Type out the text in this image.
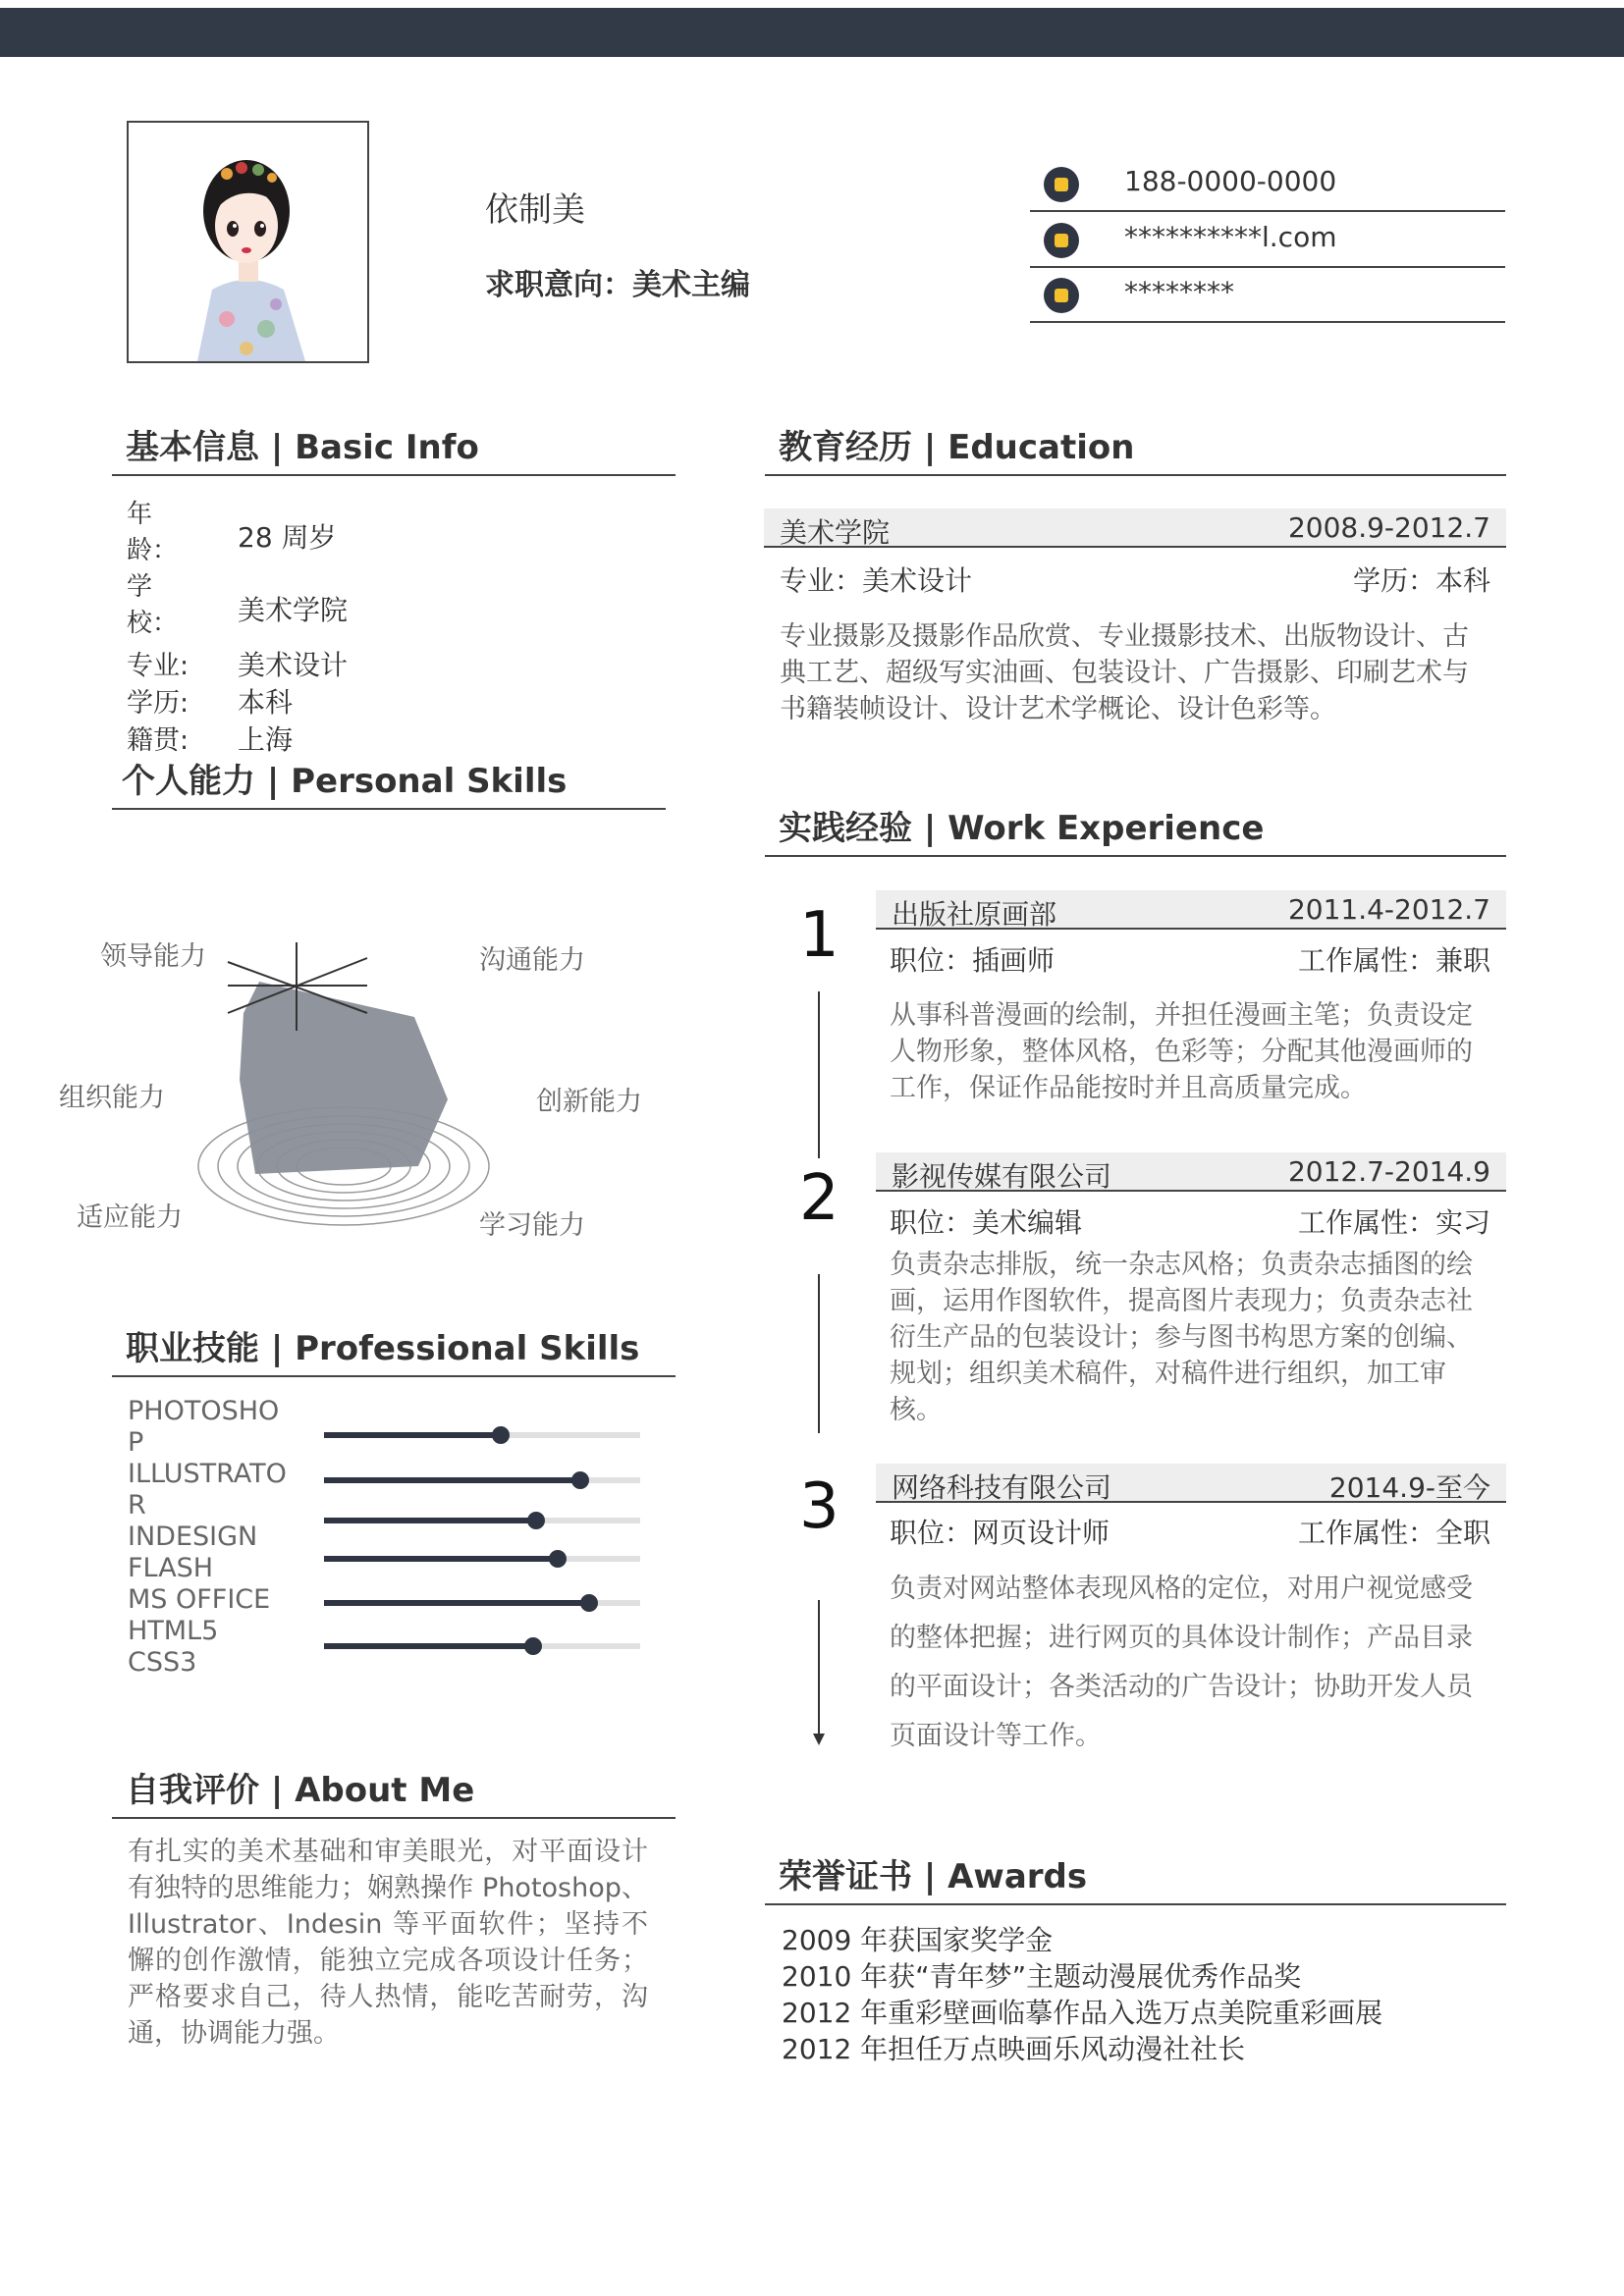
依制美
求职意向：美术主编
188-0000-0000
**********l.com
********
基本信息 | Basic Info
年龄： 28 周岁
学校： 美术学院
专业: 美术设计
学历: 本科
籍贯: 上海
个人能力 | Personal Skills
领导能力	沟通能力
组织能力	创新能力
适应能力	学习能力
职业技能 | Professional Skills
PHOTOSHOP
ILLUSTRATOR
INDESIGN
FLASH
MS OFFICE
HTML5
CSS3
自我评价 | About Me
有扎实的美术基础和审美眼光，对平面设计有独特的思维能力；娴熟操作 Photoshop、Illustrator、Indesin 等平面软件；坚持不懈的创作激情，能独立完成各项设计任务；严格要求自己，待人热情，能吃苦耐劳，沟通，协调能力强。
教育经历 | Education
美术学院	2008.9-2012.7
专业：美术设计	学历：本科
专业摄影及摄影作品欣赏、专业摄影技术、出版物设计、古典工艺、超级写实油画、包装设计、广告摄影、印刷艺术与书籍装帧设计、设计艺术学概论、设计色彩等。
实践经验 | Work Experience
1 出版社原画部	2011.4-2012.7
职位：插画师	工作属性：兼职
从事科普漫画的绘制，并担任漫画主笔；负责设定人物形象，整体风格，色彩等；分配其他漫画师的工作，保证作品能按时并且高质量完成。
2 影视传媒有限公司	2012.7-2014.9
职位：美术编辑	工作属性：实习
负责杂志排版，统一杂志风格；负责杂志插图的绘画，运用作图软件，提高图片表现力；负责杂志社衍生产品的包装设计；参与图书构思方案的创编、规划；组织美术稿件，对稿件进行组织，加工审核。
3 网络科技有限公司	2014.9-至今
职位：网页设计师	工作属性：全职
负责对网站整体表现风格的定位，对用户视觉感受的整体把握；进行网页的具体设计制作；产品目录的平面设计；各类活动的广告设计；协助开发人员页面设计等工作。
荣誉证书 | Awards
2009 年获国家奖学金
2010 年获“青年梦”主题动漫展优秀作品奖
2012 年重彩壁画临摹作品入选万点美院重彩画展
2012 年担任万点映画乐风动漫社社长
